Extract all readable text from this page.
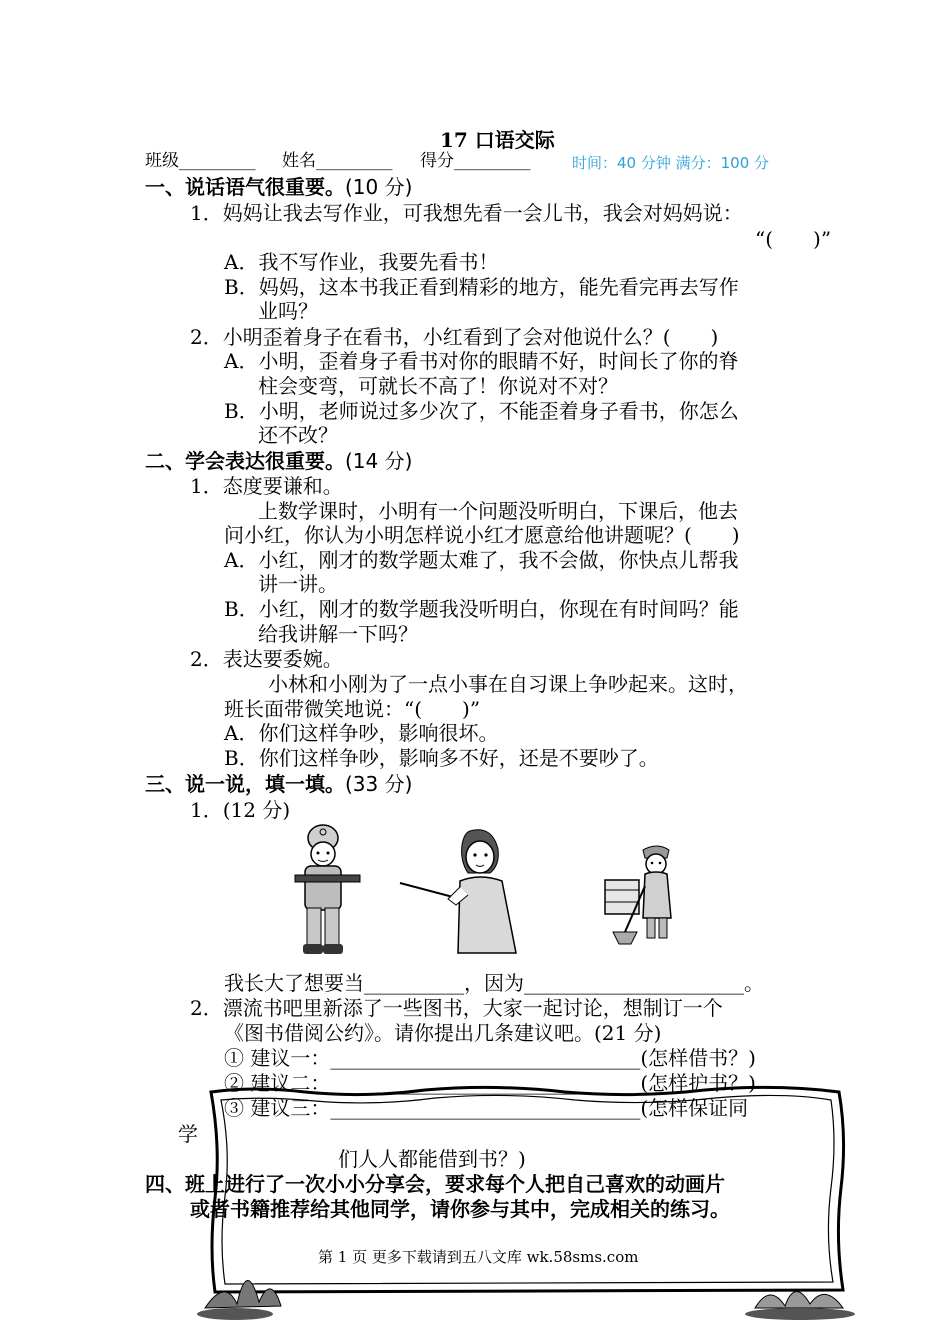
17 口语交际
班级_________ 姓名_________ 得分_________	时间：40 分钟 满分：100 分
一、说话语气很重要。(10 分)
1．妈妈让我去写作业，可我想先看一会儿书，我会对妈妈说：
“(　　)”
A．我不写作业，我要先看书！
B．妈妈，这本书我正看到精彩的地方，能先看完再去写作
业吗？
2．小明歪着身子在看书，小红看到了会对他说什么？(　　)
A．小明，歪着身子看书对你的眼睛不好，时间长了你的脊
柱会变弯，可就长不高了！你说对不对？
B．小明，老师说过多少次了，不能歪着身子看书，你怎么
还不改？
二、学会表达很重要。(14 分)
1．态度要谦和。
上数学课时，小明有一个问题没听明白，下课后，他去
问小红，你认为小明怎样说小红才愿意给他讲题呢？(　　)
A．小红，刚才的数学题太难了，我不会做，你快点儿帮我
讲一讲。
B．小红，刚才的数学题我没听明白，你现在有时间吗？能
给我讲解一下吗？
2．表达要委婉。
小林和小刚为了一点小事在自习课上争吵起来。这时，
班长面带微笑地说：“(　　)”
A．你们这样争吵，影响很坏。
B．你们这样争吵，影响多不好，还是不要吵了。
三、说一说，填一填。(33 分)
1．(12 分)
我长大了想要当__________，因为______________________。
2．漂流书吧里新添了一些图书，大家一起讨论，想制订一个
《图书借阅公约》。请你提出几条建议吧。(21 分)
① 建议一：_______________________________(怎样借书？)
② 建议二：_______________________________(怎样护书？)
③ 建议三：_______________________________(怎样保证同
学
们人人都能借到书？)
四、班上进行了一次小小分享会，要求每个人把自己喜欢的动画片
或者书籍推荐给其他同学，请你参与其中，完成相关的练习。
第 1 页 更多下载请到五八文库 wk.58sms.com
